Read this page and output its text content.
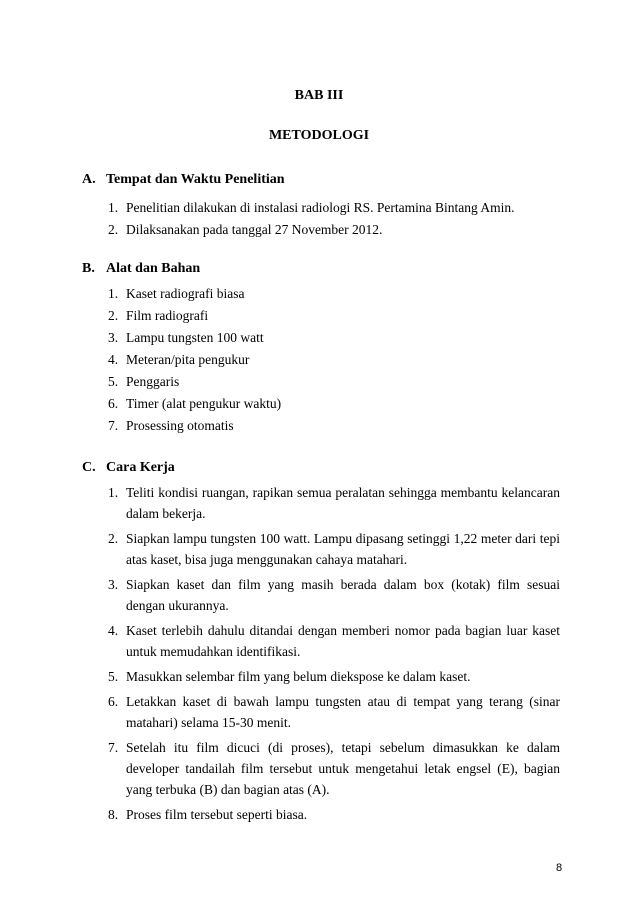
BAB III
METODOLOGI
A. Tempat dan Waktu Penelitian
1. Penelitian dilakukan di instalasi radiologi RS. Pertamina Bintang Amin.
2. Dilaksanakan pada tanggal 27 November 2012.
B. Alat dan Bahan
1. Kaset radiografi biasa
2. Film radiografi
3. Lampu tungsten 100 watt
4. Meteran/pita pengukur
5. Penggaris
6. Timer (alat pengukur waktu)
7. Prosessing otomatis
C. Cara Kerja
1. Teliti kondisi ruangan, rapikan semua peralatan sehingga membantu kelancaran dalam bekerja.
2. Siapkan lampu tungsten 100 watt. Lampu dipasang setinggi 1,22 meter dari tepi atas kaset, bisa juga menggunakan cahaya matahari.
3. Siapkan kaset dan film yang masih berada dalam box (kotak) film sesuai dengan ukurannya.
4. Kaset terlebih dahulu ditandai dengan memberi nomor pada bagian luar kaset untuk memudahkan identifikasi.
5. Masukkan selembar film yang belum diekspose ke dalam kaset.
6. Letakkan kaset di bawah lampu tungsten atau di tempat yang terang (sinar matahari) selama 15-30 menit.
7. Setelah itu film dicuci (di proses), tetapi sebelum dimasukkan ke dalam developer tandailah film tersebut untuk mengetahui letak engsel (E), bagian yang terbuka (B) dan bagian atas (A).
8. Proses film tersebut seperti biasa.
8
